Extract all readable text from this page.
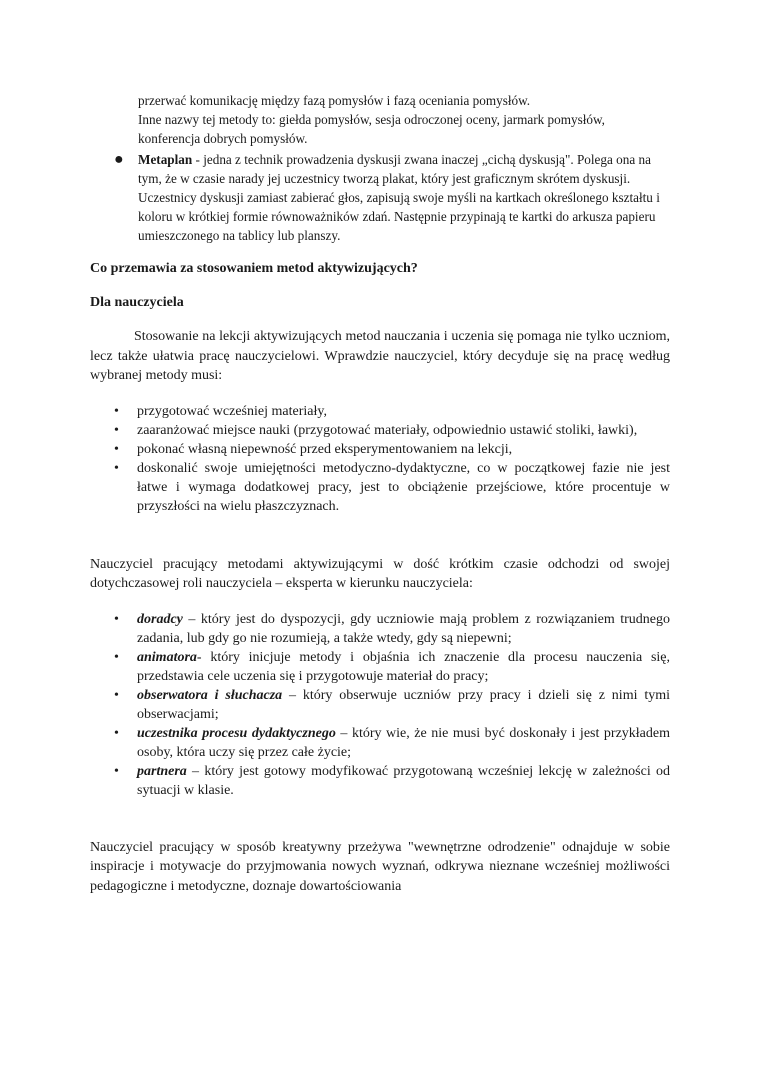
przerwać komunikację między fazą pomysłów i fazą oceniania pomysłów.

Inne nazwy tej metody to: giełda pomysłów, sesja odroczonej oceny, jarmark pomysłów,

konferencja dobrych pomysłów.

● Metaplan - jedna z technik prowadzenia dyskusji zwana inaczej „cichą dyskusją". Polega ona na tym, że w czasie narady jej uczestnicy tworzą plakat, który jest graficznym skrótem dyskusji. Uczestnicy dyskusji zamiast zabierać głos, zapisują swoje myśli na kartkach określonego kształtu i koloru w krótkiej formie równoważników zdań. Następnie przypinają te kartki do arkusza papieru umieszczonego na tablicy lub planszy.
Co przemawia za stosowaniem metod aktywizujących?
Dla nauczyciela

Stosowanie na lekcji aktywizujących metod nauczania i uczenia się pomaga nie tylko uczniom, lecz także ułatwia pracę nauczycielowi. Wprawdzie nauczyciel, który decyduje się na pracę według wybranej metody musi:

• przygotować wcześniej materiały,
• zaaranżować miejsce nauki (przygotować materiały, odpowiednio ustawić stoliki, ławki),
• pokonać własną niepewność przed eksperymentowaniem na lekcji,
• doskonalić swoje umiejętności metodyczno-dydaktyczne, co w początkowej fazie nie jest łatwe i wymaga dodatkowej pracy, jest to obciążenie przejściowe, które procentuje w przyszłości na wielu płaszczyznach.

Nauczyciel pracujący metodami aktywizującymi w dość krótkim czasie odchodzi od swojej dotychczasowej roli nauczyciela – eksperta w kierunku nauczyciela:

• doradcy – który jest do dyspozycji, gdy uczniowie mają problem z rozwiązaniem trudnego zadania, lub gdy go nie rozumieją, a także wtedy, gdy są niepewni;
• animatora- który inicjuje metody i objaśnia ich znaczenie dla procesu nauczenia się, przedstawia cele uczenia się i przygotowuje materiał do pracy;
• obserwatora i słuchacza – który obserwuje uczniów przy pracy i dzieli się z nimi tymi obserwacjami;
• uczestnika procesu dydaktycznego – który wie, że nie musi być doskonały i jest przykładem osoby, która uczy się przez całe życie;
• partnera – który jest gotowy modyfikować przygotowaną wcześniej lekcję w zależności od sytuacji w klasie.

Nauczyciel pracujący w sposób kreatywny przeżywa "wewnętrzne odrodzenie" odnajduje w sobie inspiracje i motywacje do przyjmowania nowych wyznań, odkrywa nieznane wcześniej możliwości pedagogiczne i metodyczne, doznaje dowartościowania
